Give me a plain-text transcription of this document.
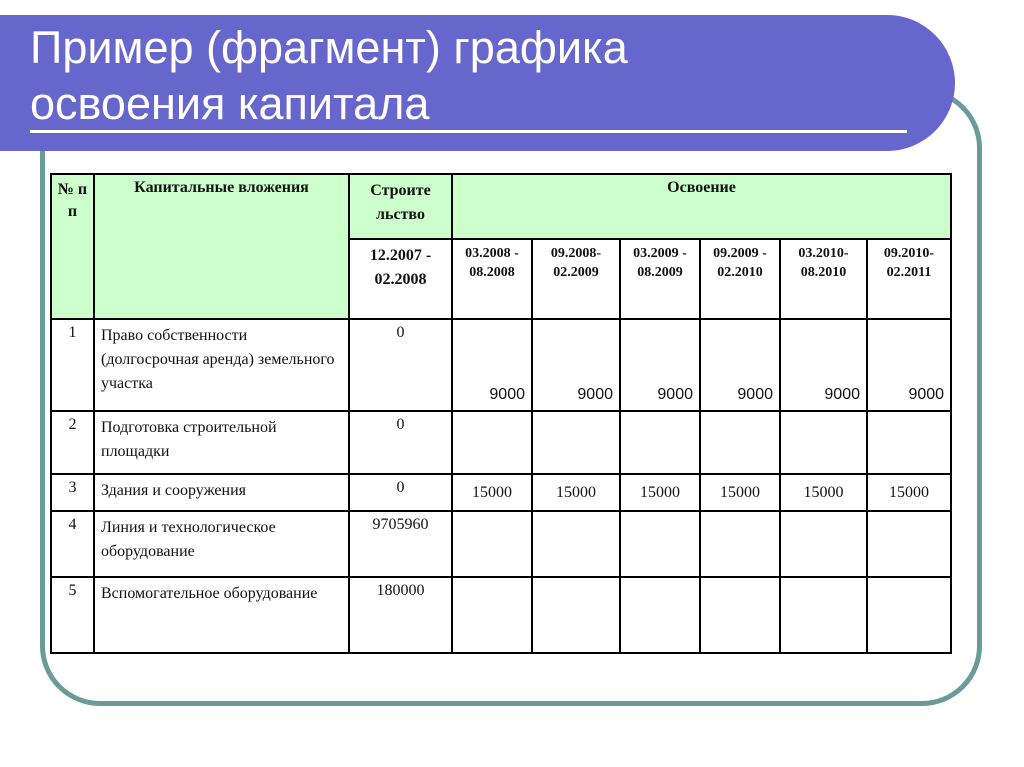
Пример (фрагмент) графика
освоения капитала
№ п п	Капитальные вложения	Строите льство	Освоение					
		12.2007 - 02.2008	03.2008 - 08.2008	09.2008- 02.2009	03.2009 - 08.2009	09.2009 - 02.2010	03.2010- 08.2010	09.2010- 02.2011
1	Право собственности (долгосрочная аренда) земельного участка	0	9000	9000	9000	9000	9000	9000
2	Подготовка строительной площадки	0						
3	Здания и сооружения	0	15000	15000	15000	15000	15000	15000
4	Линия и технологическое оборудование	9705960						
5	Вспомогательное оборудование	180000						
